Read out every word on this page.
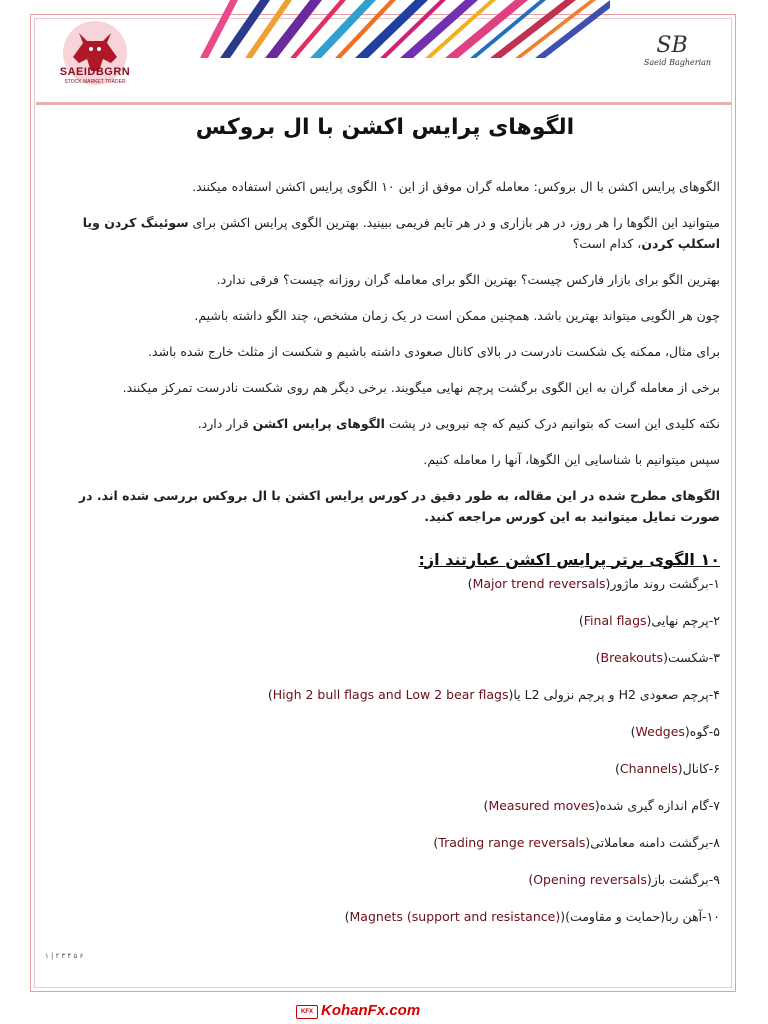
SAEIDBGRN
STOCK MARKET TRADER
SB
Saeid Bagherian
الگوهای پرایس اکشن با ال بروکس

الگوهای پرایس اکشن با ال بروکس: معامله گران موفق از این ۱۰ الگوی پرایس اکشن استفاده میکنند.

میتوانید این الگوها را هر روز، در هر بازاری و در هر تایم فریمی ببینید. بهترین الگوی پرایس اکشن برای سوئینگ کردن ویا اسکلپ کردن، کدام است؟

بهترین الگو برای بازار فارکس چیست؟ بهترین الگو برای معامله گران روزانه چیست؟ فرقی ندارد.

چون هر الگویی میتواند بهترین باشد. همچنین ممکن است در یک زمان مشخص، چند الگو داشته باشیم.

برای مثال، ممکنه یک شکست نادرست در بالای کانال صعودی داشته باشیم و شکست از مثلث خارج شده باشد.

برخی از معامله گران به این الگوی برگشت پرچم نهایی میگویند. برخی دیگر هم روی شکست نادرست تمرکز میکنند.

نکته کلیدی این است که بتوانیم درک کنیم که چه نیرویی در پشت الگوهای پرایس اکشن قرار دارد.

سپس میتوانیم با شناسایی این الگوها، آنها را معامله کنیم.

الگوهای مطرح شده در این مقاله، به طور دقیق در کورس پرایس اکشن با ال بروکس بررسی شده اند. در صورت تمایل میتوانید به این کورس مراجعه کنید.

۱۰ الگوی برتر پرایس اکشن عبارتند از:
۱-برگشت روند ماژور(Major trend reversals)
۲-پرچم نهایی(Final flags)
۳-شکست(Breakouts)
۴-پرچم صعودی H2 و پرچم نزولی L2 یا(High 2 bull flags and Low 2 bear flags)
۵-گوه(Wedges)
۶-کانال(Channels)
۷-گام اندازه گیری شده(Measured moves)
۸-برگشت دامنه معاملاتی(Trading range reversals)
۹-برگشت باز(Opening reversals)
۱۰-آهن ربا(حمایت و مقاومت)(Magnets (support and resistance))
۱ | ۲ ۳ ۴ ۵ ۶
KFX KohanFx.com
